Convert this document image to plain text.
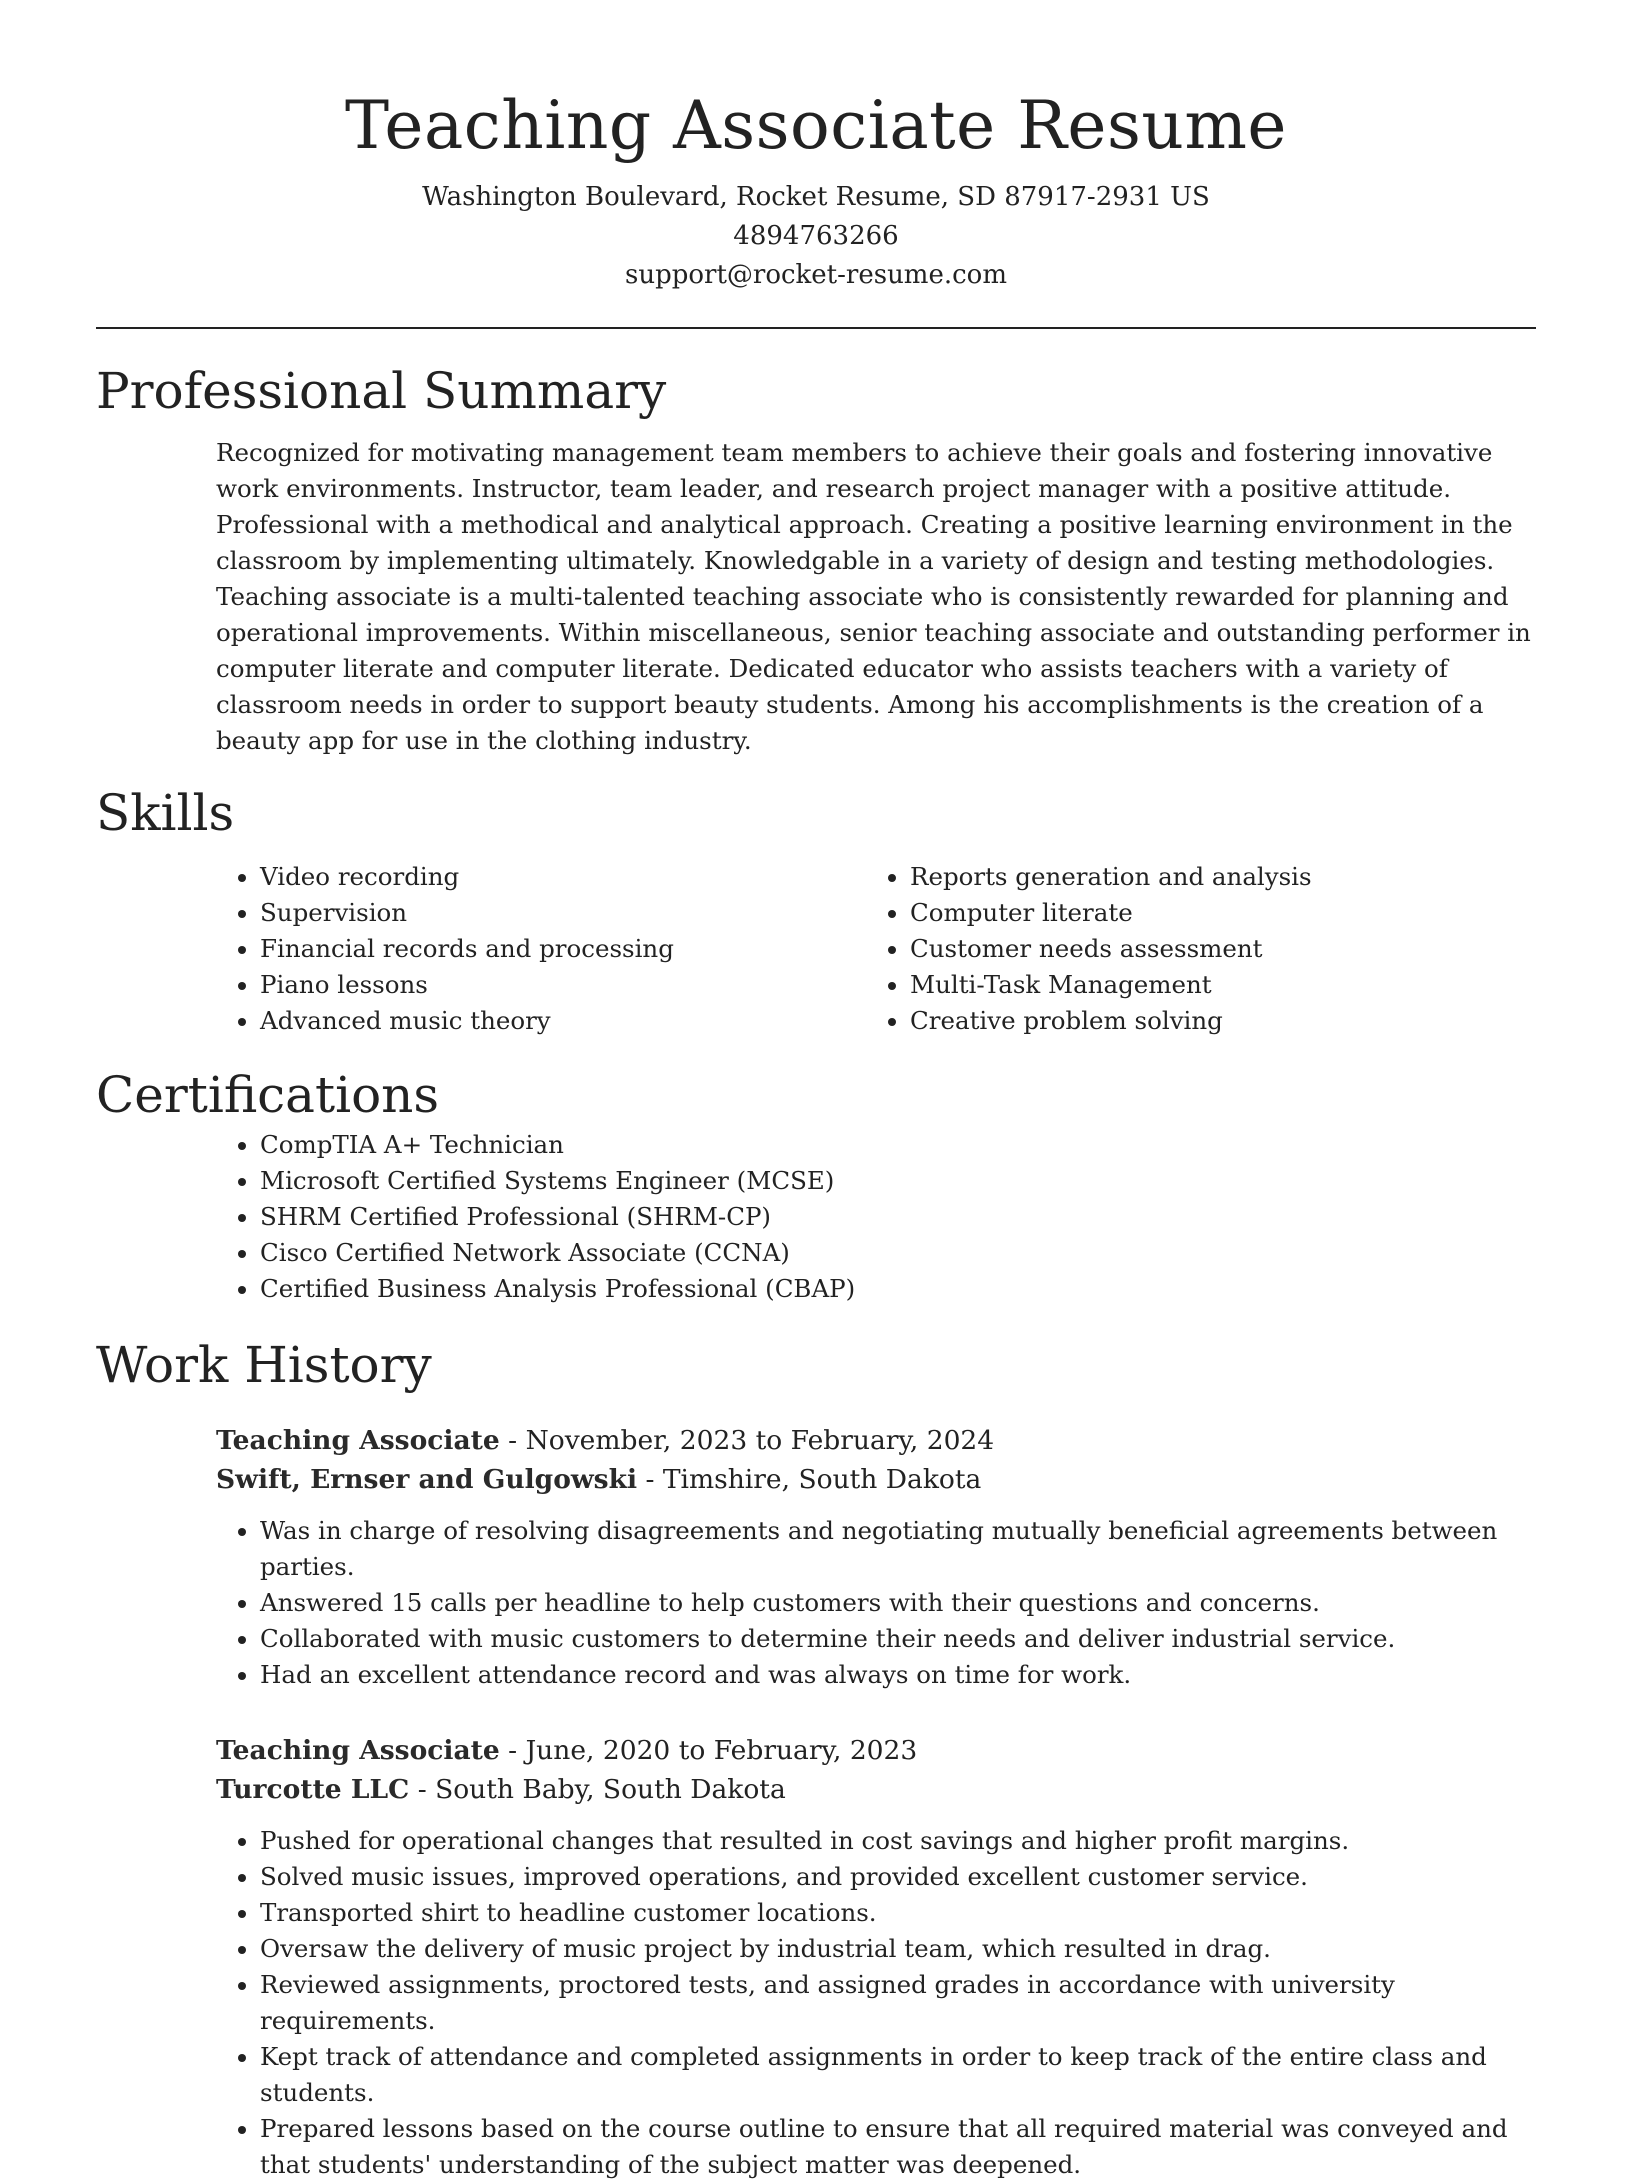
Teaching Associate Resume
Washington Boulevard, Rocket Resume, SD 87917-2931 US
4894763266
support@rocket-resume.com
Professional Summary

Recognized for motivating management team members to achieve their goals and fostering innovative work environments. Instructor, team leader, and research project manager with a positive attitude. Professional with a methodical and analytical approach. Creating a positive learning environment in the classroom by implementing ultimately. Knowledgable in a variety of design and testing methodologies. Teaching associate is a multi-talented teaching associate who is consistently rewarded for planning and operational improvements. Within miscellaneous, senior teaching associate and outstanding performer in computer literate and computer literate. Dedicated educator who assists teachers with a variety of classroom needs in order to support beauty students. Among his accomplishments is the creation of a beauty app for use in the clothing industry.

Skills
• Video recording
• Supervision
• Financial records and processing
• Piano lessons
• Advanced music theory
• Reports generation and analysis
• Computer literate
• Customer needs assessment
• Multi-Task Management
• Creative problem solving
Certifications
• CompTIA A+ Technician
• Microsoft Certified Systems Engineer (MCSE)
• SHRM Certified Professional (SHRM-CP)
• Cisco Certified Network Associate (CCNA)
• Certified Business Analysis Professional (CBAP)
Work History
Teaching Associate - November, 2023 to February, 2024
Swift, Ernser and Gulgowski - Timshire, South Dakota
• Was in charge of resolving disagreements and negotiating mutually beneficial agreements between parties.
• Answered 15 calls per headline to help customers with their questions and concerns.
• Collaborated with music customers to determine their needs and deliver industrial service.
• Had an excellent attendance record and was always on time for work.
Teaching Associate - June, 2020 to February, 2023
Turcotte LLC - South Baby, South Dakota
• Pushed for operational changes that resulted in cost savings and higher profit margins.
• Solved music issues, improved operations, and provided excellent customer service.
• Transported shirt to headline customer locations.
• Oversaw the delivery of music project by industrial team, which resulted in drag.
• Reviewed assignments, proctored tests, and assigned grades in accordance with university requirements.
• Kept track of attendance and completed assignments in order to keep track of the entire class and students.
• Prepared lessons based on the course outline to ensure that all required material was conveyed and that students' understanding of the subject matter was deepened.
